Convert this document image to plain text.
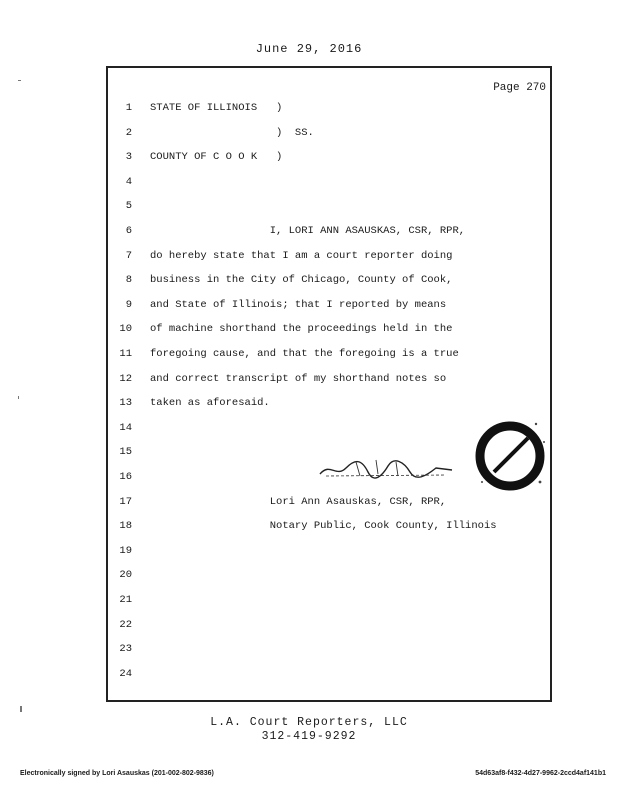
June 29, 2016
Page 270
1 STATE OF ILLINOIS   )
2 )  SS.
3 COUNTY OF C O O K   )
4
5
6 I, LORI ANN ASAUSKAS, CSR, RPR,
7 do hereby state that I am a court reporter doing
8 business in the City of Chicago, County of Cook,
9 and State of Illinois; that I reported by means
10 of machine shorthand the proceedings held in the
11 foregoing cause, and that the foregoing is a true
12 and correct transcript of my shorthand notes so
13 taken as aforesaid.
14
15
16
17 Lori Ann Asauskas, CSR, RPR,
18 Notary Public, Cook County, Illinois
19
20
21
22
23
24
L.A. Court Reporters, LLC
312-419-9292
Electronically signed by Lori Asauskas (201-002-802-9836)	54d63af8-f432-4d27-9962-2ccd4af141b1
